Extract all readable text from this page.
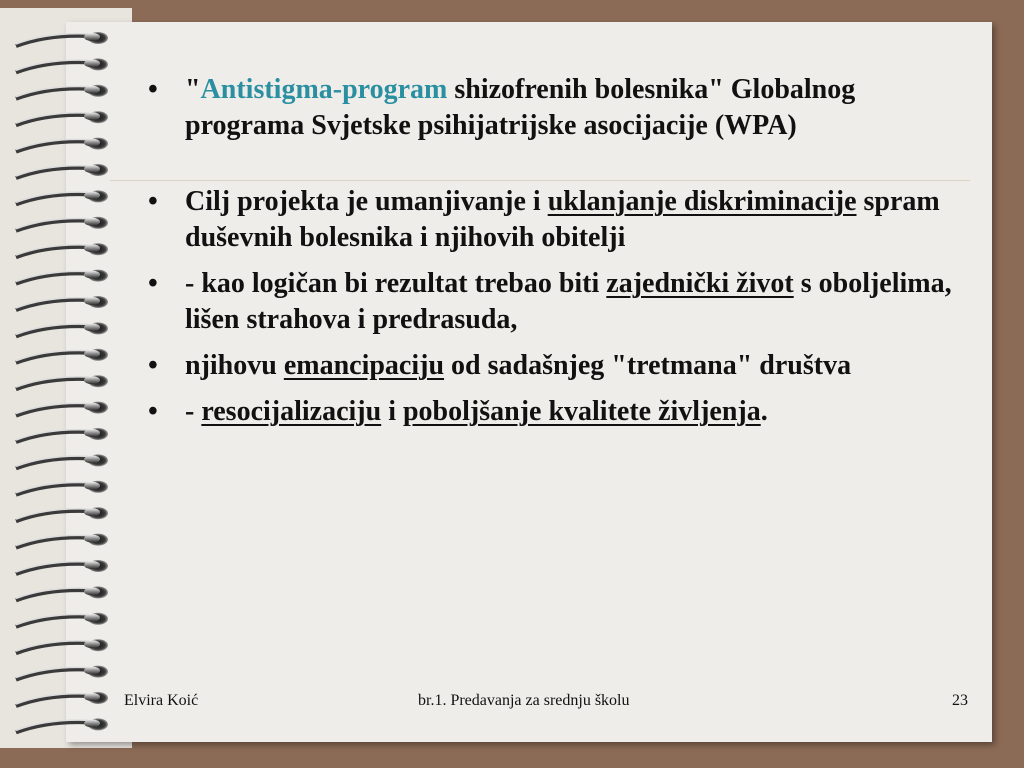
• "Antistigma-program shizofrenih bolesnika" Globalnog programa Svjetske psihijatrijske asocijacije (WPA)
• Cilj projekta je umanjivanje i uklanjanje diskriminacije spram duševnih bolesnika i njihovih obitelji
• - kao logičan bi rezultat trebao biti zajednički život s oboljelima, lišen strahova i predrasuda,
• njihovu emancipaciju od sadašnjeg "tretmana" društva
• - resocijalizaciju i poboljšanje kvalitete življenja.
Elvira Koić	br.1. Predavanja za srednju školu	23
